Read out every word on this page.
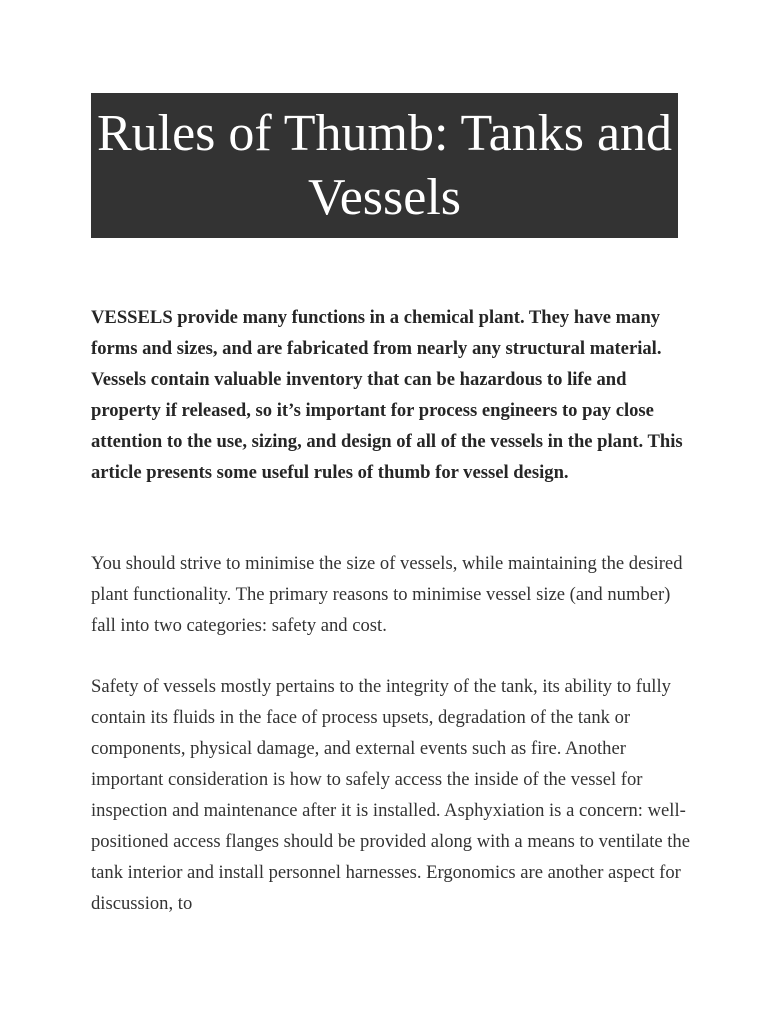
Rules of Thumb: Tanks and Vessels

VESSELS provide many functions in a chemical plant. They have many forms and sizes, and are fabricated from nearly any structural material. Vessels contain valuable inventory that can be hazardous to life and property if released, so it’s important for process engineers to pay close attention to the use, sizing, and design of all of the vessels in the plant. This article presents some useful rules of thumb for vessel design.

You should strive to minimise the size of vessels, while maintaining the desired plant functionality. The primary reasons to minimise vessel size (and number) fall into two categories: safety and cost.

Safety of vessels mostly pertains to the integrity of the tank, its ability to fully contain its fluids in the face of process upsets, degradation of the tank or components, physical damage, and external events such as fire. Another important consideration is how to safely access the inside of the vessel for inspection and maintenance after it is installed. Asphyxiation is a concern: well-positioned access flanges should be provided along with a means to ventilate the tank interior and install personnel harnesses. Ergonomics are another aspect for discussion, to
